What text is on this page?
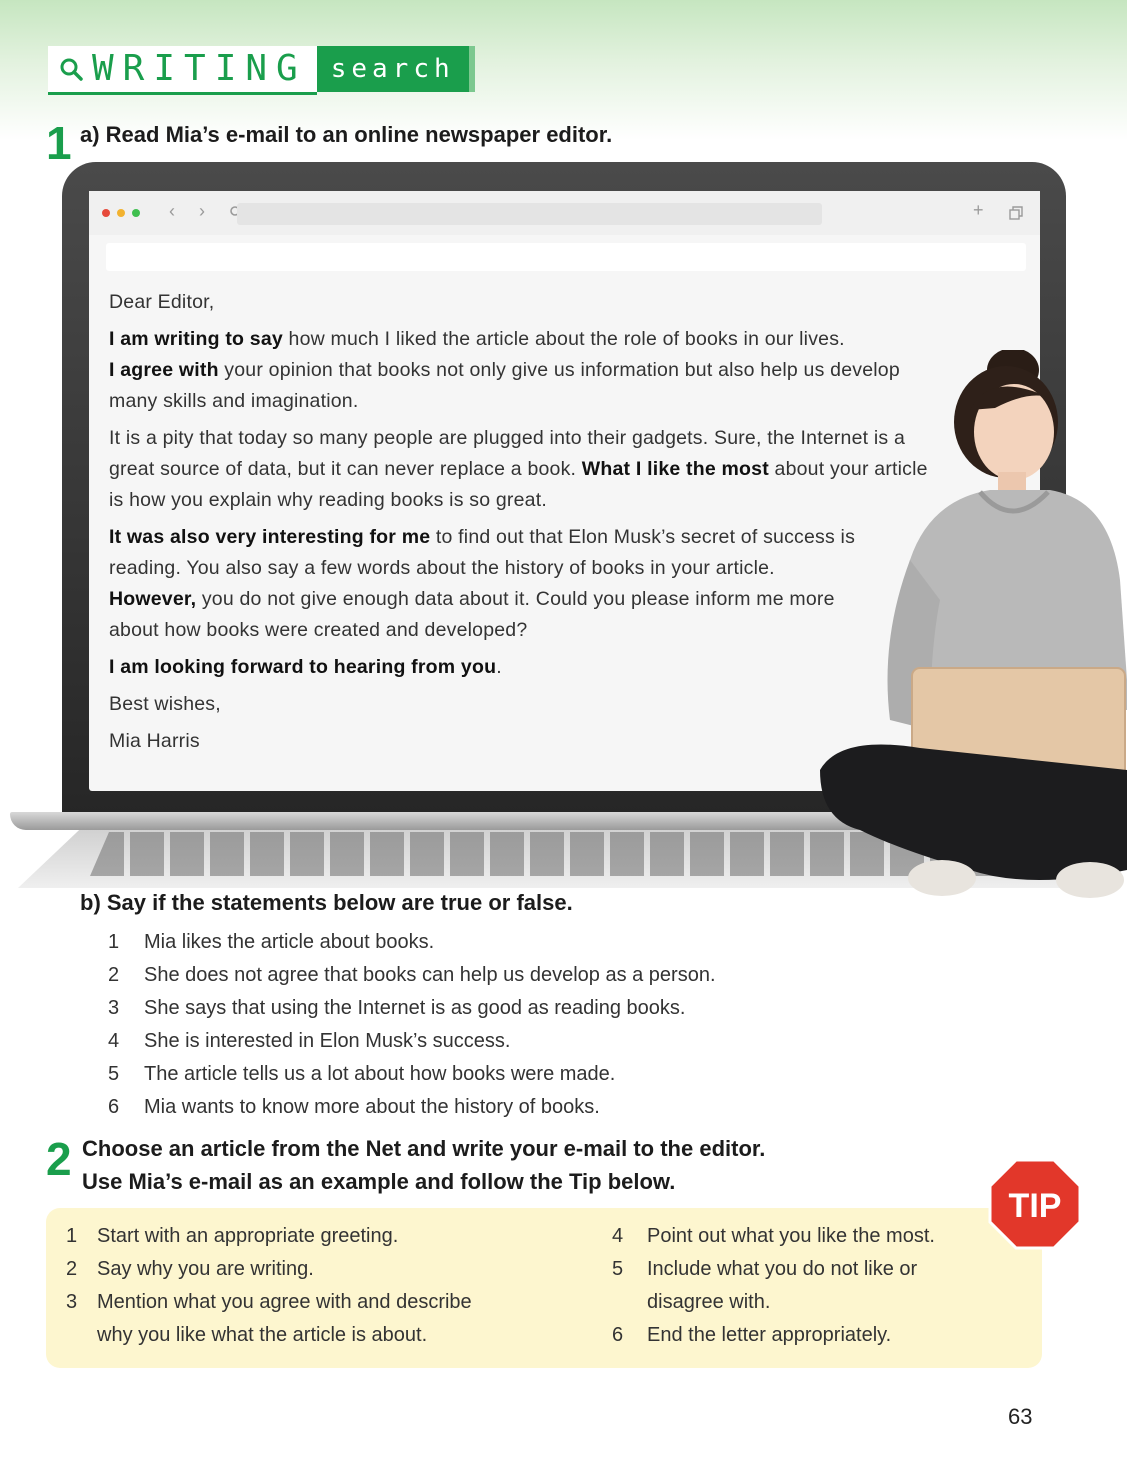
WRITING search
1 a) Read Mia’s e-mail to an online newspaper editor.
‹ ›	+

Dear Editor,

I am writing to say how much I liked the article about the role of books in our lives.
I agree with your opinion that books not only give us information but also help us develop many skills and imagination.

It is a pity that today so many people are plugged into their gadgets. Sure, the Internet is a great source of data, but it can never replace a book. What I like the most about your article is how you explain why reading books is so great.

It was also very interesting for me to find out that Elon Musk’s secret of success is reading. You also say a few words about the history of books in your article.
However, you do not give enough data about it. Could you please inform me more about how books were created and developed?

I am looking forward to hearing from you.

Best wishes,

Mia Harris

b) Say if the statements below are true or false.
1	Mia likes the article about books.
2	She does not agree that books can help us develop as a person.
3	She says that using the Internet is as good as reading books.
4	She is interested in Elon Musk’s success.
5	The article tells us a lot about how books were made.
6	Mia wants to know more about the history of books.
2 Choose an article from the Net and write your e-mail to the editor.
Use Mia’s e-mail as an example and follow the Tip below.
1 Start with an appropriate greeting.
2 Say why you are writing.
3 Mention what you agree with and describe
why you like what the article is about.
4	Point out what you like the most.
5	Include what you do not like or
disagree with.
6	End the letter appropriately.
TIP
63
